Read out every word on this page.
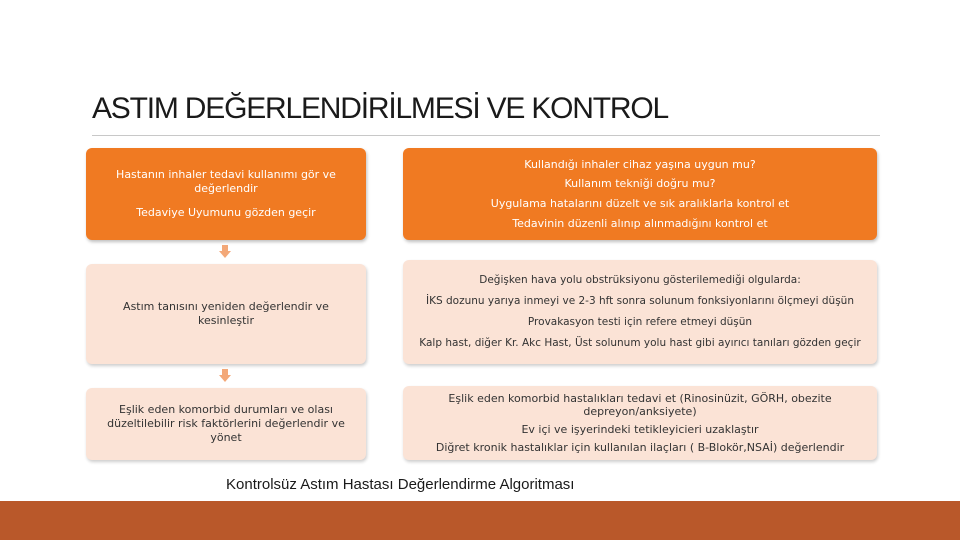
ASTIM DEĞERLENDİRİLMESİ VE KONTROL

Hastanın inhaler tedavi kullanımı gör ve değerlendir

Tedaviye Uyumunu gözden geçir

Astım tanısını yeniden değerlendir ve kesinleştir

Eşlik eden komorbid durumları ve olası düzeltilebilir risk faktörlerini değerlendir ve yönet

Kullandığı inhaler cihaz yaşına uygun mu?

Kullanım tekniği doğru mu?

Uygulama hatalarını düzelt ve sık aralıklarla kontrol et

Tedavinin düzenli alınıp alınmadığını kontrol et

Değişken hava yolu obstrüksiyonu gösterilemediği olgularda:

İKS dozunu yarıya inmeyi ve 2-3 hft sonra solunum fonksiyonlarını ölçmeyi düşün

Provakasyon testi için refere etmeyi düşün

Kalp hast, diğer Kr. Akc Hast, Üst solunum yolu hast gibi ayırıcı tanıları gözden geçir

Eşlik eden komorbid hastalıkları tedavi et (Rinosinüzit, GÖRH, obezite depreyon/anksiyete)

Ev içi ve işyerindeki tetikleyicieri uzaklaştır

Diğret kronik hastalıklar için kullanılan ilaçları ( B-Blokör,NSAİ) değerlendir

Kontrolsüz Astım Hastası Değerlendirme Algoritması
